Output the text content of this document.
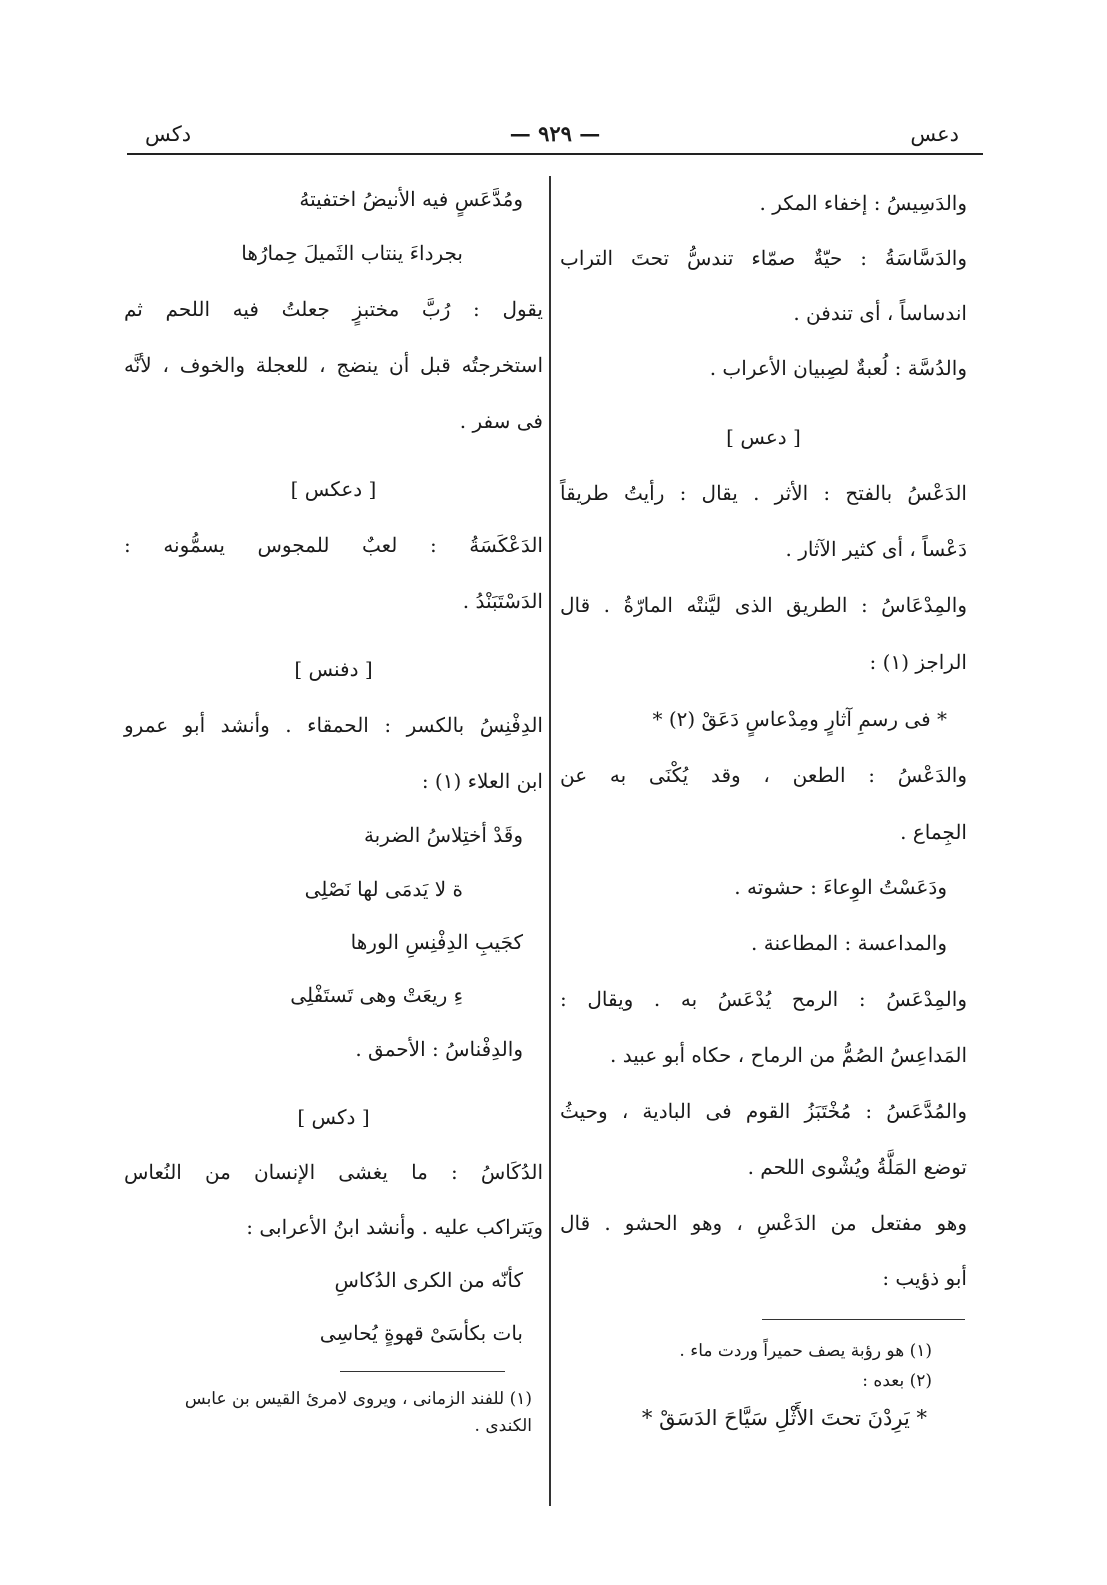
دعس
— ٩٢٩ —
دكس
والدَسِيسُ : إخفاء المكر .
والدَسَّاسَةُ : حيّةٌ صمّاء تندسُّ تحتَ التراب
اندساساً ، أى تندفن .
والدُسَّة : لُعبةٌ لصِبيان الأعراب .
[ دعس ]
الدَعْسُ بالفتح : الأثر . يقال : رأيتُ طريقاً
دَعْساً ، أى كثير الآثار .
والمِدْعَاسُ : الطريق الذى ليَّنتْه المارّةُ . قال
الراجز (١) :
* فى رسمِ آثارٍ ومِدْعاسٍ دَعَقْ (٢) *
والدَعْسُ : الطعن ، وقد يُكْنَى به عن
الجِماع .
ودَعَسْتُ الوِعاءَ : حشوته .
والمداعسة : المطاعنة .
والمِدْعَسُ : الرمح يُدْعَسُ به . ويقال :
المَداعِسُ الصُمُّ من الرماح ، حكاه أبو عبيد .
والمُدَّعَسُ : مُخْتَبَزُ القوم فى البادية ، وحيثُ
توضع المَلَّةُ ويُشْوى اللحم .
وهو مفتعل من الدَعْسِ ، وهو الحشو . قال
أبو ذؤيب :
(١) هو رؤبة يصف حميراً وردت ماء .
(٢) بعده :
* يَرِدْنَ تحتَ الأَثْلِ سَيَّاحَ الدَسَقْ *
ومُدَّعَسٍ فيه الأنيضُ اختفيتهُ
بجرداءَ ينتاب الثَميلَ حِمارُها
يقول : رُبَّ مختبزٍ جعلتُ فيه اللحم ثم
استخرجتُه قبل أن ينضج ، للعجلة والخوف ، لأنَّه
فى سفر .
[ دعكس ]
الدَعْكَسَةُ : لعبٌ للمجوس يسمُّونه :
الدَسْتَبَنْدُ .
[ دفنس ]
الدِفْنِسُ بالكسر : الحمقاء . وأنشد أبو عمرو
ابن العلاء (١) :
وقَدْ أختِلاسُ الضربة
ة لا يَدمَى لها نَصْلِى
كجَيبِ الدِفْنِسِ الورها
ءِ ريعَتْ وهى تَستَفْلِى
والدِفْناسُ : الأحمق .
[ دكس ]
الدُكَاسُ : ما يغشى الإنسان من النُعاس
ويَتراكب عليه . وأنشد ابنُ الأعرابى :
كأنّه من الكرى الدُكاسِ
بات بكأسَىْ قهوةٍ يُحاسِى
(١) للفند الزمانى ، ويروى لامرئ القيس بن عابس
الكندى .
